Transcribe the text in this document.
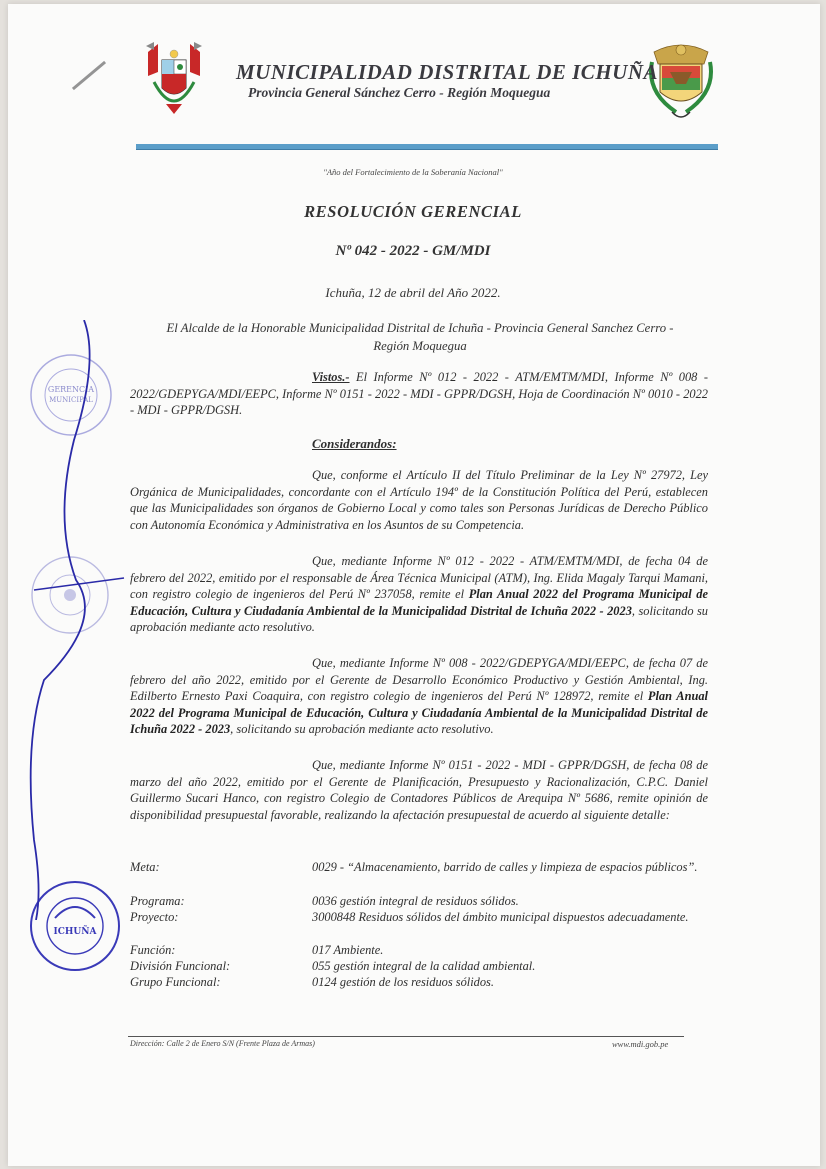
MUNICIPALIDAD DISTRITAL DE ICHUÑA
Provincia General Sánchez Cerro - Región Moquegua
"Año del Fortalecimiento de la Soberanía Nacional"
RESOLUCIÓN GERENCIAL
Nº 042 - 2022 - GM/MDI
Ichuña, 12 de abril del Año 2022.
El Alcalde de la Honorable Municipalidad Distrital de Ichuña - Provincia General Sanchez Cerro - Región Moquegua
Vistos.- El Informe Nº 012 - 2022 - ATM/EMTM/MDI, Informe Nº 008 - 2022/GDEPYGA/MDI/EEPC, Informe Nº 0151 - 2022 - MDI - GPPR/DGSH, Hoja de Coordinación Nº 0010 - 2022 - MDI - GPPR/DGSH.
Considerandos:
Que, conforme el Artículo II del Título Preliminar de la Ley Nº 27972, Ley Orgánica de Municipalidades, concordante con el Artículo 194º de la Constitución Política del Perú, establecen que las Municipalidades son órganos de Gobierno Local y como tales son Personas Jurídicas de Derecho Público con Autonomía Económica y Administrativa en los Asuntos de su Competencia.
Que, mediante Informe Nº 012 - 2022 - ATM/EMTM/MDI, de fecha 04 de febrero del 2022, emitido por el responsable de Área Técnica Municipal (ATM), Ing. Elida Magaly Tarqui Mamani, con registro colegio de ingenieros del Perú Nº 237058, remite el Plan Anual 2022 del Programa Municipal de Educación, Cultura y Ciudadanía Ambiental de la Municipalidad Distrital de Ichuña 2022 - 2023, solicitando su aprobación mediante acto resolutivo.
Que, mediante Informe Nº 008 - 2022/GDEPYGA/MDI/EEPC, de fecha 07 de febrero del año 2022, emitido por el Gerente de Desarrollo Económico Productivo y Gestión Ambiental, Ing. Edilberto Ernesto Paxi Coaquira, con registro colegio de ingenieros del Perú Nº 128972, remite el Plan Anual 2022 del Programa Municipal de Educación, Cultura y Ciudadanía Ambiental de la Municipalidad Distrital de Ichuña 2022 - 2023, solicitando su aprobación mediante acto resolutivo.
Que, mediante Informe Nº 0151 - 2022 - MDI - GPPR/DGSH, de fecha 08 de marzo del año 2022, emitido por el Gerente de Planificación, Presupuesto y Racionalización, C.P.C. Daniel Guillermo Sucari Hanco, con registro Colegio de Contadores Públicos de Arequipa Nº 5686, remite opinión de disponibilidad presupuestal favorable, realizando la afectación presupuestal de acuerdo al siguiente detalle:
Meta:	0029 - “Almacenamiento, barrido de calles y limpieza de espacios públicos”.
Programa:	0036 gestión integral de residuos sólidos.
Proyecto:	3000848 Residuos sólidos del ámbito municipal dispuestos adecuadamente.
Función:	017 Ambiente.
División Funcional:	055 gestión integral de la calidad ambiental.
Grupo Funcional:	0124 gestión de los residuos sólidos.
Dirección: Calle 2 de Enero S/N (Frente Plaza de Armas)	www.mdi.gob.pe
GERENCIA
MUNICIPAL
ICHUÑA
